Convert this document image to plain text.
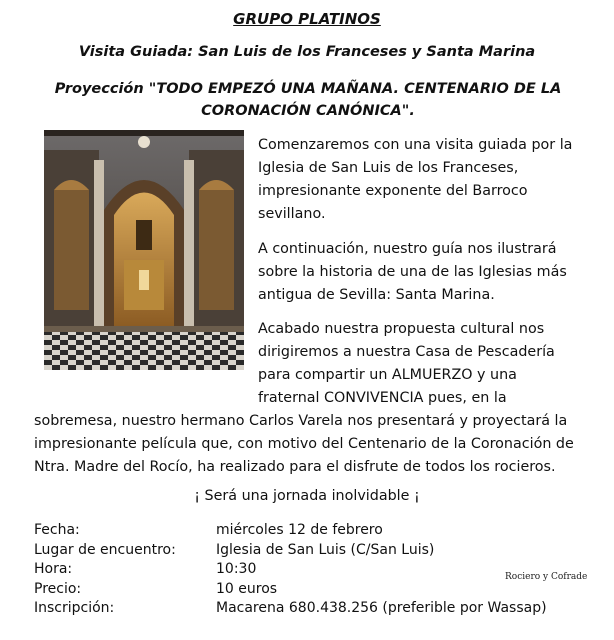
GRUPO PLATINOS
Visita Guiada: San Luis de los Franceses y Santa Marina
Proyección "TODO EMPEZÓ UNA MAÑANA. CENTENARIO DE LA CORONACIÓN CANÓNICA".

Comenzaremos con una visita guiada por la Iglesia de San Luis de los Franceses, impresionante exponente del Barroco sevillano.

A continuación, nuestro guía nos ilustrará sobre la historia de una de las Iglesias más antigua de Sevilla: Santa Marina.

Acabado nuestra propuesta cultural nos

dirigiremos a nuestra Casa de Pescadería

para compartir un ALMUERZO y una

fraternal CONVIVENCIA pues, en la

sobremesa, nuestro hermano Carlos Varela nos presentará y proyectará la

impresionante película que, con motivo del Centenario de la Coronación de

Ntra. Madre del Rocío, ha realizado para el disfrute de todos los rocieros.

¡ Será una jornada inolvidable ¡
Fecha:	miércoles 12 de febrero
Lugar de encuentro:	Iglesia de San Luis (C/San Luis)
Hora:	10:30
Precio:	10 euros
Inscripción:	Macarena 680.438.256 (preferible por Wassap)
Rociero y Cofrade
